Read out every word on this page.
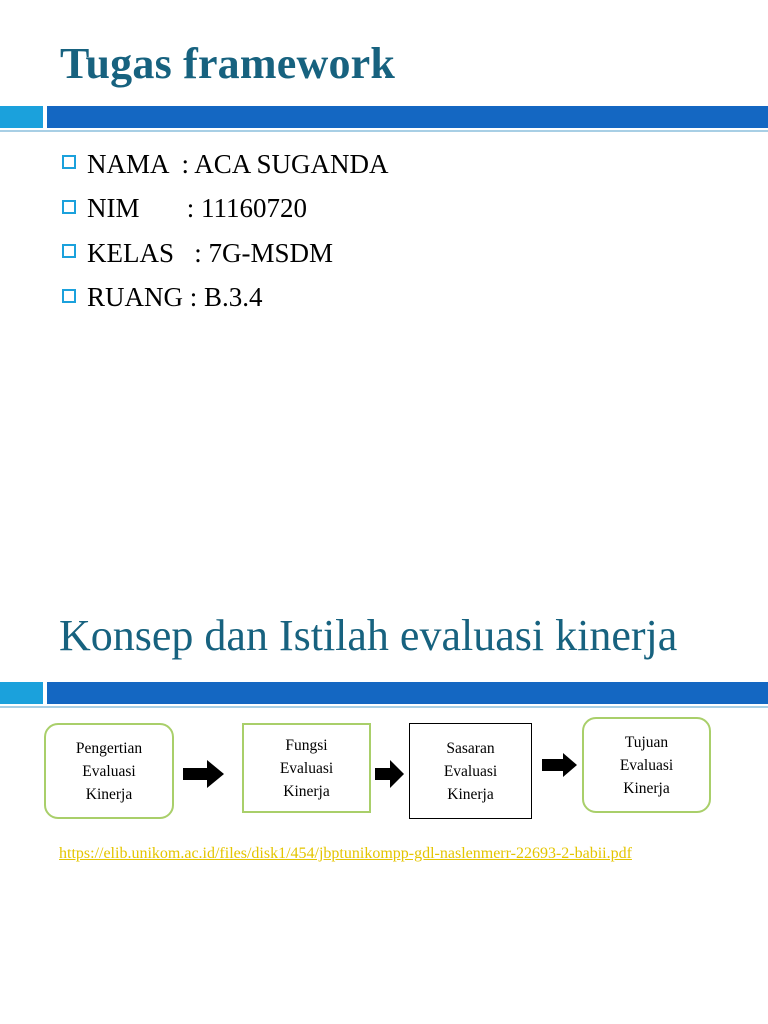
Tugas framework
NAMA  : ACA SUGANDA
NIM       : 11160720
KELAS   : 7G-MSDM
RUANG : B.3.4
Konsep dan Istilah evaluasi kinerja
Pengertian
Evaluasi
Kinerja
Fungsi
Evaluasi
Kinerja
Sasaran
Evaluasi
Kinerja
Tujuan
Evaluasi
Kinerja
https://elib.unikom.ac.id/files/disk1/454/jbptunikompp-gdl-naslenmerr-22693-2-babii.pdf
